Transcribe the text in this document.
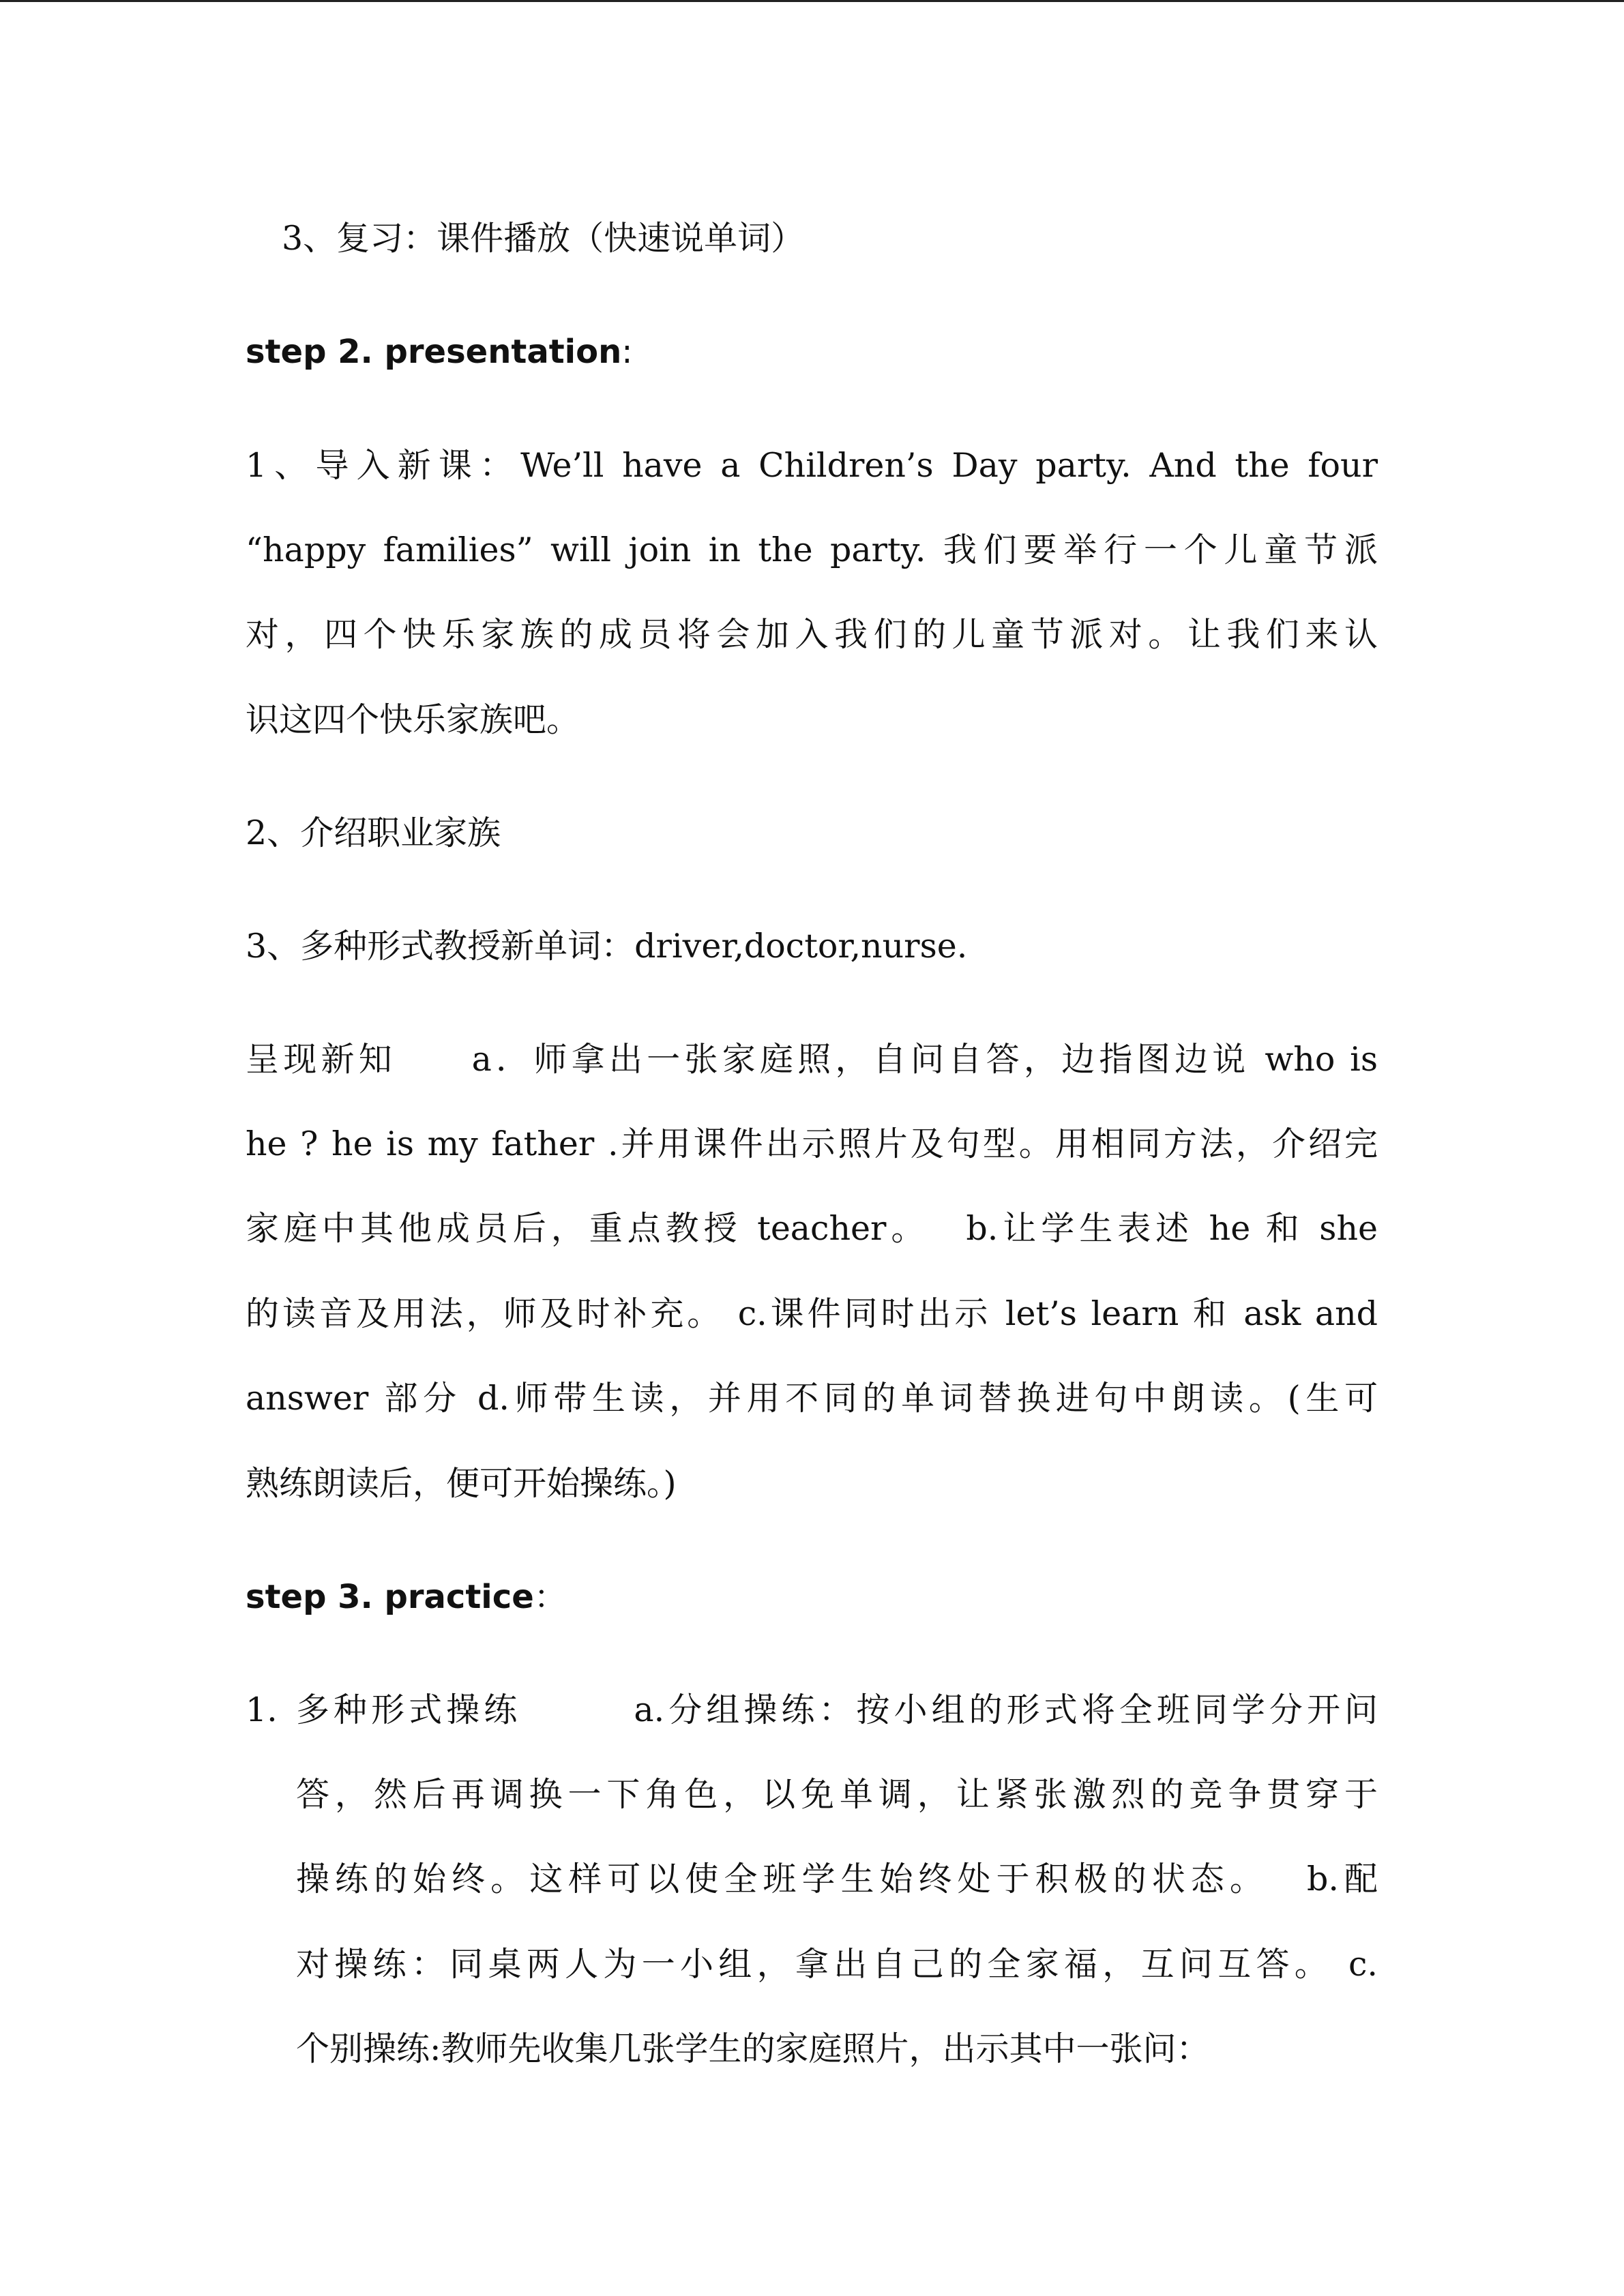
3、复习：课件播放（快速说单词）
step 2. presentation:
1、导入新课：We’ll have a Children’s Day party. And the four
“happy families” will join in the party. 我们要举行一个儿童节派
对，四个快乐家族的成员将会加入我们的儿童节派对。让我们来认
识这四个快乐家族吧。
2、介绍职业家族
3、多种形式教授新单词：driver,doctor,nurse.
呈现新知　　a．师拿出一张家庭照，自问自答，边指图边说 who is
he ? he is my father .并用课件出示照片及句型。用相同方法，介绍完
家庭中其他成员后，重点教授 teacher。　 b.让学生表述 he 和 she
的读音及用法，师及时补充。 c.课件同时出示 let’s learn 和 ask and
answer 部分 d.师带生读，并用不同的单词替换进句中朗读。(生可
熟练朗读后，便可开始操练。)
step 3. practice：
1. 多种形式操练　　　a.分组操练：按小组的形式将全班同学分开问
答，然后再调换一下角色，以免单调，让紧张激烈的竞争贯穿于
操练的始终。这样可以使全班学生始终处于积极的状态。　 b.配
对操练：同桌两人为一小组，拿出自己的全家福，互问互答。 c.
个别操练:教师先收集几张学生的家庭照片，出示其中一张问：
